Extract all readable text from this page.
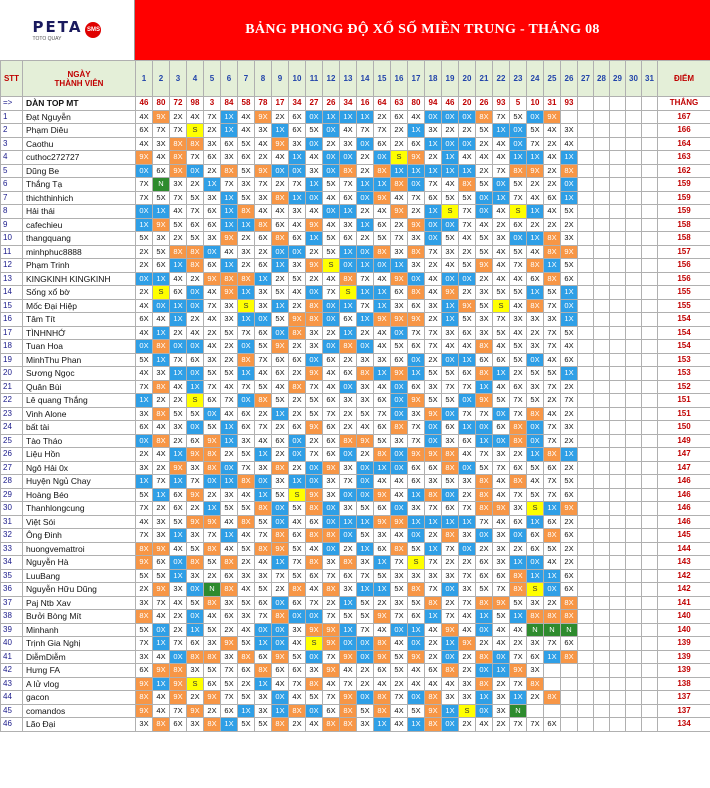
PETA
TOTO QUAY
SMS	BẢNG PHONG ĐỘ XỔ SỐ MIỀN TRUNG - THÁNG 08
STT	NGÀY
THÀNH VIÊN	1	2	3	4	5	6	7	8	9	10	11	12	13	14	15	16	17	18	19	20	21	22	23	24	25	26	27	28	29	30	31	ĐIỂM
=>	DÀN TOP MT	46	80	72	98	3	84	58	78	17	34	27	26	34	16	64	63	80	94	46	20	26	93	5	10	31	93						THẮNG
1	Đạt Nguyễn	4X	9X	2X	4X	7X	1X	4X	9X	2X	6X	0X	1X	1X	1X	2X	6X	4X	0X	0X	0X	8X	7X	5X	0X	9X							167
2	Phạm Diêu	6X	7X	7X	S	2X	1X	4X	3X	1X	6X	5X	0X	4X	7X	7X	2X	1X	3X	2X	2X	5X	1X	0X	5X	4X	3X						166
3	Caothu	4X	3X	8X	8X	3X	6X	5X	4X	9X	3X	0X	2X	3X	0X	6X	2X	6X	1X	0X	0X	2X	4X	0X	7X	2X	4X						164
4	cuthoc272727	9X	4X	8X	7X	6X	3X	6X	2X	4X	1X	4X	0X	0X	2X	0X	S	9X	2X	1X	4X	4X	4X	1X	1X	4X	1X						163
5	Dũng Be	0X	6X	9X	0X	2X	8X	5X	9X	0X	0X	3X	0X	8X	2X	8X	1X	1X	1X	1X	1X	2X	7X	8X	9X	2X	8X						162
6	Thắng Tạ	7X	N	3X	2X	1X	7X	3X	7X	2X	7X	1X	5X	7X	1X	1X	8X	0X	7X	4X	8X	5X	0X	5X	2X	2X	0X						159
7	thichthinhich	7X	5X	7X	5X	3X	1X	5X	3X	8X	1X	0X	4X	6X	0X	9X	4X	7X	6X	5X	5X	0X	1X	7X	4X	6X	1X						159
8	Hải thái	0X	1X	4X	7X	6X	1X	8X	4X	4X	3X	4X	0X	1X	2X	4X	9X	2X	1X	S	7X	0X	4X	S	1X	4X	5X						159
9	cafechieu	1X	9X	5X	6X	6X	1X	1X	8X	6X	4X	9X	4X	3X	1X	6X	2X	9X	0X	0X	7X	4X	2X	6X	2X	2X	2X						158
10	thangquang	5X	3X	2X	5X	3X	9X	2X	6X	8X	6X	1X	5X	6X	2X	5X	7X	3X	0X	5X	4X	5X	3X	0X	1X	8X	3X						158
11	minhphuc8888	2X	5X	8X	8X	0X	4X	3X	2X	0X	0X	2X	5X	1X	0X	8X	3X	8X	7X	3X	2X	5X	4X	5X	4X	8X	9X						157
12	Phạm Trinh	2X	6X	1X	8X	6X	1X	2X	6X	1X	3X	9X	S	0X	1X	0X	1X	3X	2X	4X	5X	9X	4X	7X	8X	1X	5X						156
13	KINGKINH KINGKINH	0X	1X	4X	2X	9X	8X	8X	1X	2X	5X	2X	4X	8X	7X	4X	9X	0X	4X	0X	0X	2X	4X	4X	6X	8X	6X						156
14	Sống xổ bờ	2X	S	6X	0X	4X	9X	1X	3X	5X	4X	0X	7X	S	1X	1X	6X	8X	4X	9X	2X	3X	5X	5X	1X	5X	1X						155
15	Mốc Đại Hiệp	4X	0X	1X	0X	7X	3X	S	3X	1X	2X	8X	0X	1X	7X	1X	3X	6X	3X	1X	9X	5X	S	4X	8X	7X	0X						155
16	Tâm Tít	6X	4X	1X	2X	4X	3X	1X	0X	5X	9X	8X	0X	6X	1X	9X	9X	9X	2X	1X	5X	3X	7X	3X	3X	3X	1X						154
17	TÌNHNHỚ	4X	1X	2X	4X	2X	5X	7X	6X	0X	8X	3X	2X	1X	2X	4X	0X	7X	7X	3X	6X	3X	5X	4X	2X	7X	5X						154
18	Tuan Hoa	0X	8X	0X	0X	4X	2X	0X	5X	9X	2X	3X	0X	8X	0X	4X	5X	6X	7X	4X	4X	8X	4X	5X	3X	7X	4X						154
19	MinhThu Phan	5X	1X	7X	6X	3X	2X	8X	7X	6X	6X	0X	6X	2X	3X	3X	6X	0X	2X	0X	1X	6X	6X	5X	0X	4X	6X						153
20	Sương Ngọc	4X	3X	1X	0X	5X	5X	1X	4X	6X	2X	9X	4X	6X	8X	1X	9X	1X	5X	5X	6X	8X	1X	2X	5X	5X	1X						153
21	Quân Bùi	7X	8X	4X	1X	7X	4X	7X	5X	4X	8X	7X	4X	0X	3X	4X	0X	6X	3X	7X	7X	1X	4X	6X	3X	7X	2X						152
22	Lê quang Thắng	1X	2X	2X	S	6X	7X	0X	8X	5X	2X	5X	6X	3X	3X	6X	0X	9X	5X	5X	0X	9X	5X	7X	5X	2X	7X						151
23	Vinh Alone	3X	8X	5X	5X	0X	4X	6X	2X	1X	2X	5X	7X	2X	5X	7X	0X	3X	9X	0X	7X	7X	0X	7X	8X	4X	2X						151
24	bất tài	6X	4X	3X	0X	5X	1X	6X	7X	2X	6X	9X	6X	2X	4X	6X	8X	7X	0X	6X	1X	0X	6X	8X	0X	7X	3X						150
25	Tào Tháo	0X	8X	2X	6X	9X	1X	3X	4X	6X	0X	2X	6X	8X	9X	5X	3X	7X	0X	3X	6X	1X	0X	8X	0X	7X	2X						149
26	Liệu Hồn	2X	4X	1X	9X	8X	2X	5X	1X	2X	0X	7X	6X	0X	2X	8X	0X	9X	9X	8X	4X	7X	3X	2X	1X	8X	1X						147
27	Ngô Hải 0x	3X	2X	9X	3X	8X	0X	7X	3X	8X	2X	0X	9X	3X	0X	1X	0X	6X	6X	8X	0X	5X	7X	6X	5X	6X	2X						147
28	Huyện Ngủ Chay	1X	7X	1X	7X	0X	1X	8X	0X	3X	1X	0X	3X	7X	0X	4X	4X	6X	3X	5X	3X	8X	4X	8X	4X	7X	5X						146
29	Hoàng Béo	5X	1X	6X	9X	2X	3X	4X	1X	5X	S	9X	3X	0X	0X	9X	4X	1X	8X	0X	2X	8X	4X	7X	5X	7X	6X						146
30	Thanhlongcung	7X	2X	6X	2X	1X	5X	5X	8X	0X	5X	8X	0X	3X	5X	6X	0X	3X	7X	6X	7X	8X	9X	3X	S	1X	9X						146
31	Việt Sói	4X	3X	5X	9X	9X	4X	8X	5X	0X	4X	6X	0X	1X	1X	9X	9X	1X	1X	1X	1X	7X	4X	6X	1X	6X	2X						146
32	Ông Đinh	7X	3X	1X	3X	7X	1X	4X	7X	8X	6X	8X	8X	0X	5X	3X	4X	0X	2X	8X	3X	0X	3X	0X	6X	8X	6X						145
33	huongvemattroi	8X	9X	4X	5X	8X	4X	5X	8X	9X	5X	4X	0X	2X	1X	6X	8X	5X	1X	7X	0X	2X	3X	2X	6X	5X	2X						144
34	Nguyễn Hà	9X	6X	0X	8X	5X	8X	2X	4X	1X	7X	8X	3X	8X	3X	1X	7X	S	7X	2X	2X	6X	3X	1X	0X	4X	2X						143
35	LuuBang	5X	5X	1X	3X	2X	6X	3X	3X	7X	5X	6X	7X	6X	7X	5X	3X	3X	3X	3X	7X	6X	6X	8X	1X	1X	6X						142
36	Nguyễn Hữu Dũng	2X	9X	3X	0X	N	8X	4X	5X	2X	8X	4X	8X	3X	1X	1X	5X	8X	7X	0X	3X	5X	7X	8X	S	0X	6X						142
37	Paj Ntb Xav	3X	7X	4X	5X	8X	3X	5X	6X	0X	6X	7X	2X	1X	5X	2X	3X	5X	8X	2X	7X	8X	9X	5X	3X	2X	8X						141
38	Bưởi Bòng Mít	8X	4X	2X	0X	4X	6X	3X	7X	8X	0X	0X	7X	5X	5X	9X	7X	6X	1X	7X	4X	1X	5X	1X	8X	8X	8X						140
39	Minhanh	5X	0X	2X	1X	5X	2X	4X	0X	0X	3X	9X	9X	1X	7X	4X	0X	1X	4X	9X	4X	0X	4X	4X	N	N	N						140
40	Trịnh Gia Nghị	7X	1X	7X	6X	3X	9X	5X	1X	0X	4X	S	9X	0X	0X	8X	4X	0X	2X	1X	9X	2X	4X	2X	3X	7X	6X						139
41	DiễmDiễm	3X	4X	0X	8X	8X	3X	8X	6X	9X	5X	0X	7X	9X	0X	9X	5X	9X	2X	0X	2X	8X	0X	7X	6X	1X	8X						139
42	Hưng FA	6X	9X	8X	3X	5X	7X	6X	8X	6X	6X	3X	9X	4X	2X	6X	5X	4X	6X	8X	2X	0X	1X	9X	3X								139
43	A lử vlog	9X	1X	9X	S	6X	5X	2X	1X	4X	7X	8X	4X	7X	2X	4X	2X	4X	4X	4X	3X	8X	2X	7X	8X								138
44	gacon	8X	4X	9X	2X	9X	7X	5X	3X	0X	4X	5X	7X	9X	0X	8X	7X	0X	8X	3X	3X	1X	3X	1X	2X	8X							137
45	comandos	9X	4X	7X	9X	2X	6X	1X	3X	1X	8X	0X	6X	8X	5X	8X	4X	5X	9X	1X	S	0X	3X	N									137
46	Lão Đại	3X	8X	6X	3X	8X	1X	5X	5X	8X	2X	4X	8X	8X	3X	1X	4X	1X	8X	0X	2X	4X	2X	7X	7X	6X							134
